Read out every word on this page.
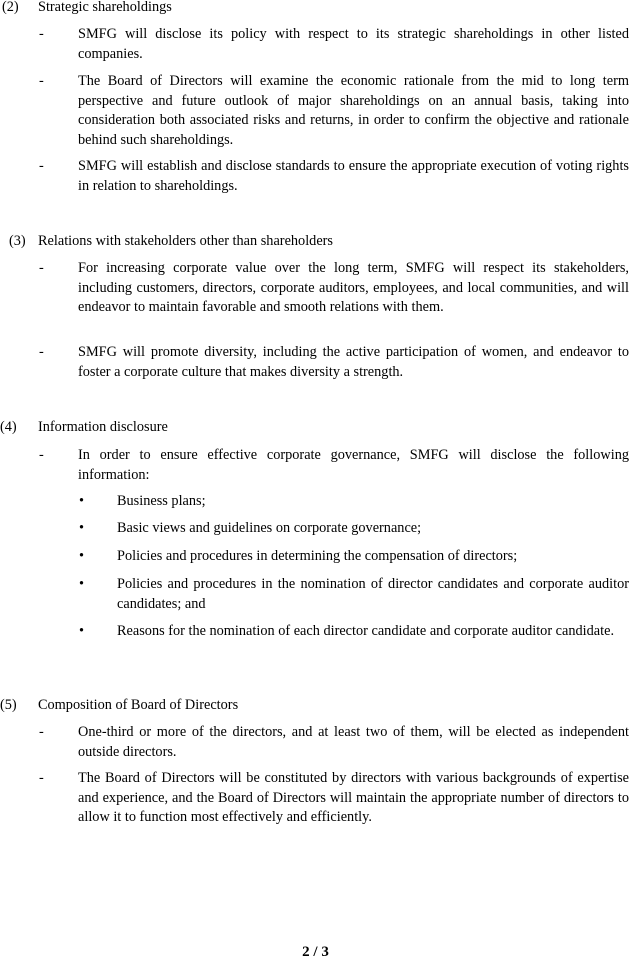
(2) Strategic shareholdings
- SMFG will disclose its policy with respect to its strategic shareholdings in other listed companies.
- The Board of Directors will examine the economic rationale from the mid to long term perspective and future outlook of major shareholdings on an annual basis, taking into consideration both associated risks and returns, in order to confirm the objective and rationale behind such shareholdings.
- SMFG will establish and disclose standards to ensure the appropriate execution of voting rights in relation to shareholdings.
(3) Relations with stakeholders other than shareholders
- For increasing corporate value over the long term, SMFG will respect its stakeholders, including customers, directors, corporate auditors, employees, and local communities, and will endeavor to maintain favorable and smooth relations with them.
- SMFG will promote diversity, including the active participation of women, and endeavor to foster a corporate culture that makes diversity a strength.
(4) Information disclosure
- In order to ensure effective corporate governance, SMFG will disclose the following information:
• Business plans;
• Basic views and guidelines on corporate governance;
• Policies and procedures in determining the compensation of directors;
• Policies and procedures in the nomination of director candidates and corporate auditor candidates; and
• Reasons for the nomination of each director candidate and corporate auditor candidate.
(5) Composition of Board of Directors
- One-third or more of the directors, and at least two of them, will be elected as independent outside directors.
- The Board of Directors will be constituted by directors with various backgrounds of expertise and experience, and the Board of Directors will maintain the appropriate number of directors to allow it to function most effectively and efficiently.
2 / 3
